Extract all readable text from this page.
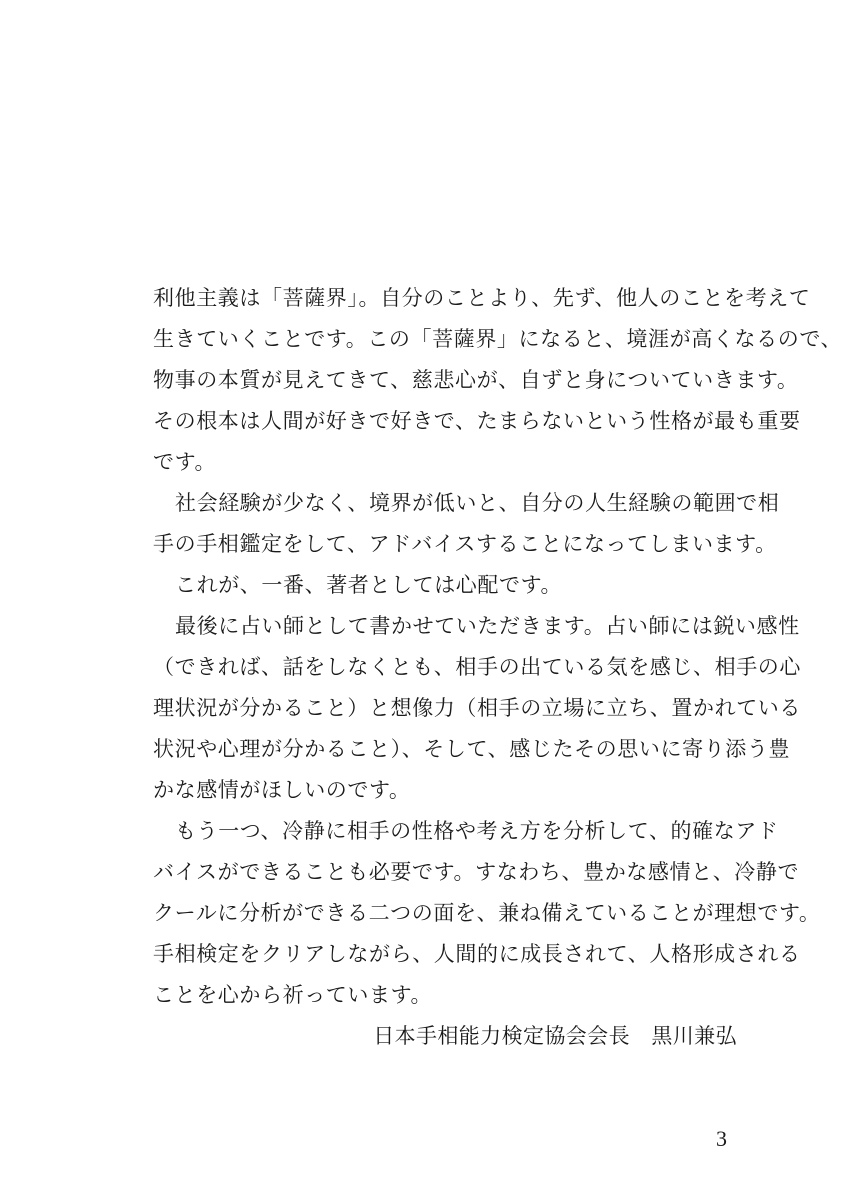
利他主義は「菩薩界」。自分のことより、先ず、他人のことを考えて
生きていくことです。この「菩薩界」になると、境涯が高くなるので、
物事の本質が見えてきて、慈悲心が、自ずと身についていきます。
その根本は人間が好きで好きで、たまらないという性格が最も重要
です。
社会経験が少なく、境界が低いと、自分の人生経験の範囲で相
手の手相鑑定をして、アドバイスすることになってしまいます。
これが、一番、著者としては心配です。
最後に占い師として書かせていただきます。占い師には鋭い感性
（できれば、話をしなくとも、相手の出ている気を感じ、相手の心
理状況が分かること）と想像力（相手の立場に立ち、置かれている
状況や心理が分かること）、そして、感じたその思いに寄り添う豊
かな感情がほしいのです。
もう一つ、冷静に相手の性格や考え方を分析して、的確なアド
バイスができることも必要です。すなわち、豊かな感情と、冷静で
クールに分析ができる二つの面を、兼ね備えていることが理想です。
手相検定をクリアしながら、人間的に成長されて、人格形成される
ことを心から祈っています。
日本手相能力検定協会会長　黒川兼弘
3
